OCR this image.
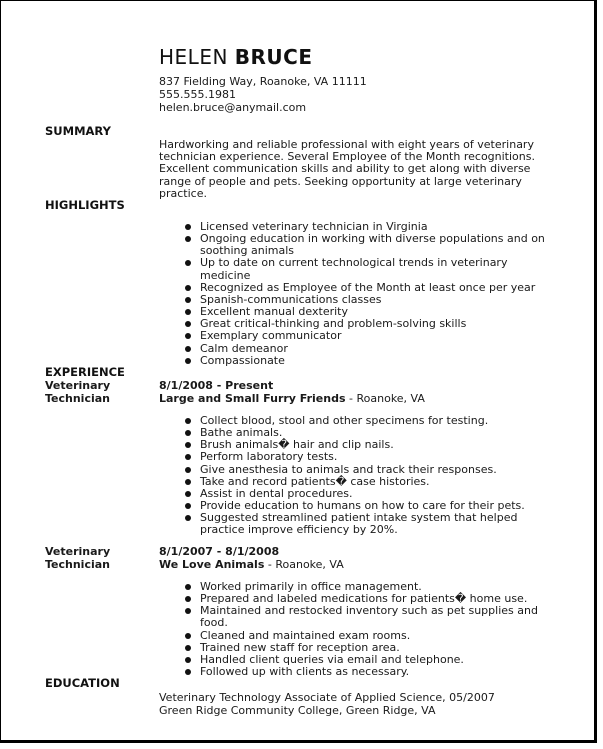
HELEN BRUCE
837 Fielding Way, Roanoke, VA 11111
555.555.1981
helen.bruce@anymail.com
SUMMARY
Hardworking and reliable professional with eight years of veterinary technician experience. Several Employee of the Month recognitions. Excellent communication skills and ability to get along with diverse range of people and pets. Seeking opportunity at large veterinary practice.
HIGHLIGHTS
Licensed veterinary technician in Virginia
Ongoing education in working with diverse populations and on soothing animals
Up to date on current technological trends in veterinary medicine
Recognized as Employee of the Month at least once per year
Spanish-communications classes
Excellent manual dexterity
Great critical-thinking and problem-solving skills
Exemplary communicator
Calm demeanor
Compassionate
EXPERIENCE
Veterinary Technician
8/1/2008 - Present
Large and Small Furry Friends - Roanoke, VA
Collect blood, stool and other specimens for testing.
Bathe animals.
Brush animals� hair and clip nails.
Perform laboratory tests.
Give anesthesia to animals and track their responses.
Take and record patients� case histories.
Assist in dental procedures.
Provide education to humans on how to care for their pets.
Suggested streamlined patient intake system that helped practice improve efficiency by 20%.
Veterinary Technician
8/1/2007 - 8/1/2008
We Love Animals - Roanoke, VA
Worked primarily in office management.
Prepared and labeled medications for patients� home use.
Maintained and restocked inventory such as pet supplies and food.
Cleaned and maintained exam rooms.
Trained new staff for reception area.
Handled client queries via email and telephone.
Followed up with clients as necessary.
EDUCATION
Veterinary Technology Associate of Applied Science, 05/2007
Green Ridge Community College, Green Ridge, VA
